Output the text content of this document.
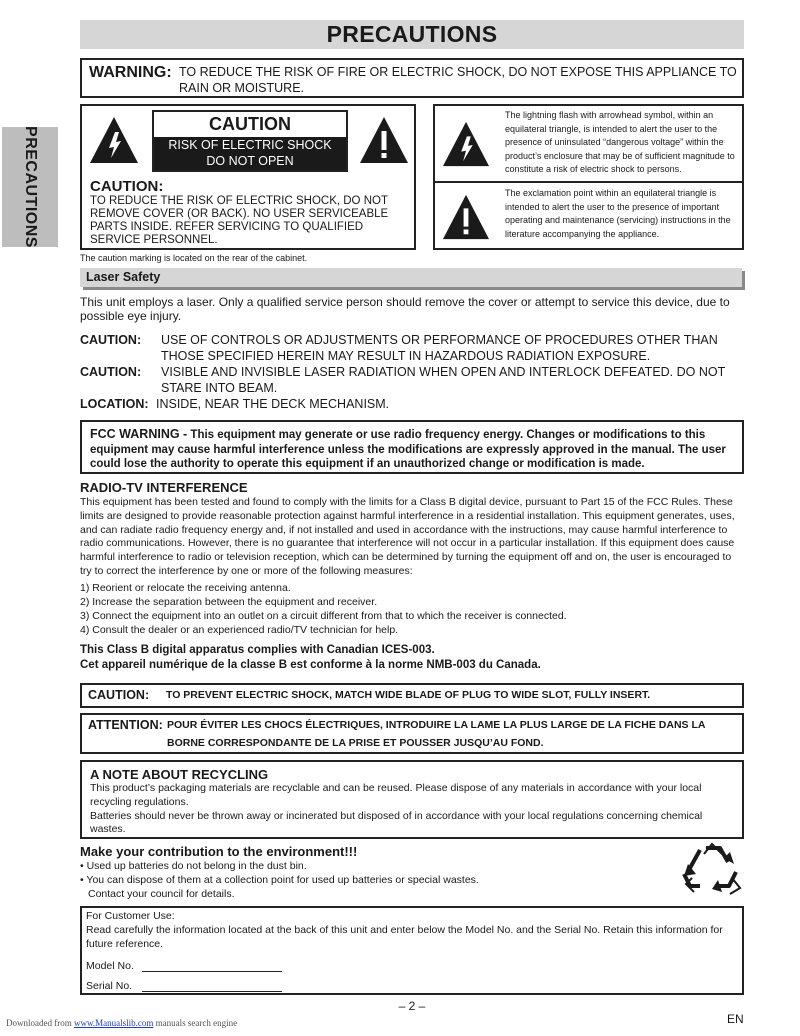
PRECAUTIONS
PRECAUTIONS
WARNING: TO REDUCE THE RISK OF FIRE OR ELECTRIC SHOCK, DO NOT EXPOSE THIS APPLIANCE TO RAIN OR MOISTURE.
CAUTION
RISK OF ELECTRIC SHOCK
DO NOT OPEN
CAUTION:
TO REDUCE THE RISK OF ELECTRIC SHOCK, DO NOT REMOVE COVER (OR BACK). NO USER SERVICEABLE PARTS INSIDE. REFER SERVICING TO QUALIFIED SERVICE PERSONNEL.
The lightning flash with arrowhead symbol, within an equilateral triangle, is intended to alert the user to the presence of uninsulated “dangerous voltage” within the product’s enclosure that may be of sufficient magnitude to constitute a risk of electric shock to persons.
The exclamation point within an equilateral triangle is intended to alert the user to the presence of important operating and maintenance (servicing) instructions in the literature accompanying the appliance.
The caution marking is located on the rear of the cabinet.
Laser Safety
This unit employs a laser. Only a qualified service person should remove the cover or attempt to service this device, due to possible eye injury.
CAUTION: USE OF CONTROLS OR ADJUSTMENTS OR PERFORMANCE OF PROCEDURES OTHER THAN THOSE SPECIFIED HEREIN MAY RESULT IN HAZARDOUS RADIATION EXPOSURE.
CAUTION: VISIBLE AND INVISIBLE LASER RADIATION WHEN OPEN AND INTERLOCK DEFEATED. DO NOT STARE INTO BEAM.
LOCATION: INSIDE, NEAR THE DECK MECHANISM.
FCC WARNING - This equipment may generate or use radio frequency energy. Changes or modifications to this equipment may cause harmful interference unless the modifications are expressly approved in the manual. The user could lose the authority to operate this equipment if an unauthorized change or modification is made.
RADIO-TV INTERFERENCE
This equipment has been tested and found to comply with the limits for a Class B digital device, pursuant to Part 15 of the FCC Rules. These limits are designed to provide reasonable protection against harmful interference in a residential installation. This equipment generates, uses, and can radiate radio frequency energy and, if not installed and used in accordance with the instructions, may cause harmful interference to radio communications. However, there is no guarantee that interference will not occur in a particular installation. If this equipment does cause harmful interference to radio or television reception, which can be determined by turning the equipment off and on, the user is encouraged to try to correct the interference by one or more of the following measures:
1) Reorient or relocate the receiving antenna.
2) Increase the separation between the equipment and receiver.
3) Connect the equipment into an outlet on a circuit different from that to which the receiver is connected.
4) Consult the dealer or an experienced radio/TV technician for help.
This Class B digital apparatus complies with Canadian ICES-003.
Cet appareil numérique de la classe B est conforme à la norme NMB-003 du Canada.
CAUTION: TO PREVENT ELECTRIC SHOCK, MATCH WIDE BLADE OF PLUG TO WIDE SLOT, FULLY INSERT.
ATTENTION: POUR ÉVITER LES CHOCS ÉLECTRIQUES, INTRODUIRE LA LAME LA PLUS LARGE DE LA FICHE DANS LA
BORNE CORRESPONDANTE DE LA PRISE ET POUSSER JUSQU’AU FOND.
A NOTE ABOUT RECYCLING
This product’s packaging materials are recyclable and can be reused. Please dispose of any materials in accordance with your local recycling regulations.
Batteries should never be thrown away or incinerated but disposed of in accordance with your local regulations concerning chemical wastes.
Make your contribution to the environment!!!
• Used up batteries do not belong in the dust bin.
• You can dispose of them at a collection point for used up batteries or special wastes.
Contact your council for details.
For Customer Use:
Read carefully the information located at the back of this unit and enter below the Model No. and the Serial No. Retain this information for future reference.
Model No.
Serial No.
– 2 –
EN
Downloaded from www.Manualslib.com manuals search engine
